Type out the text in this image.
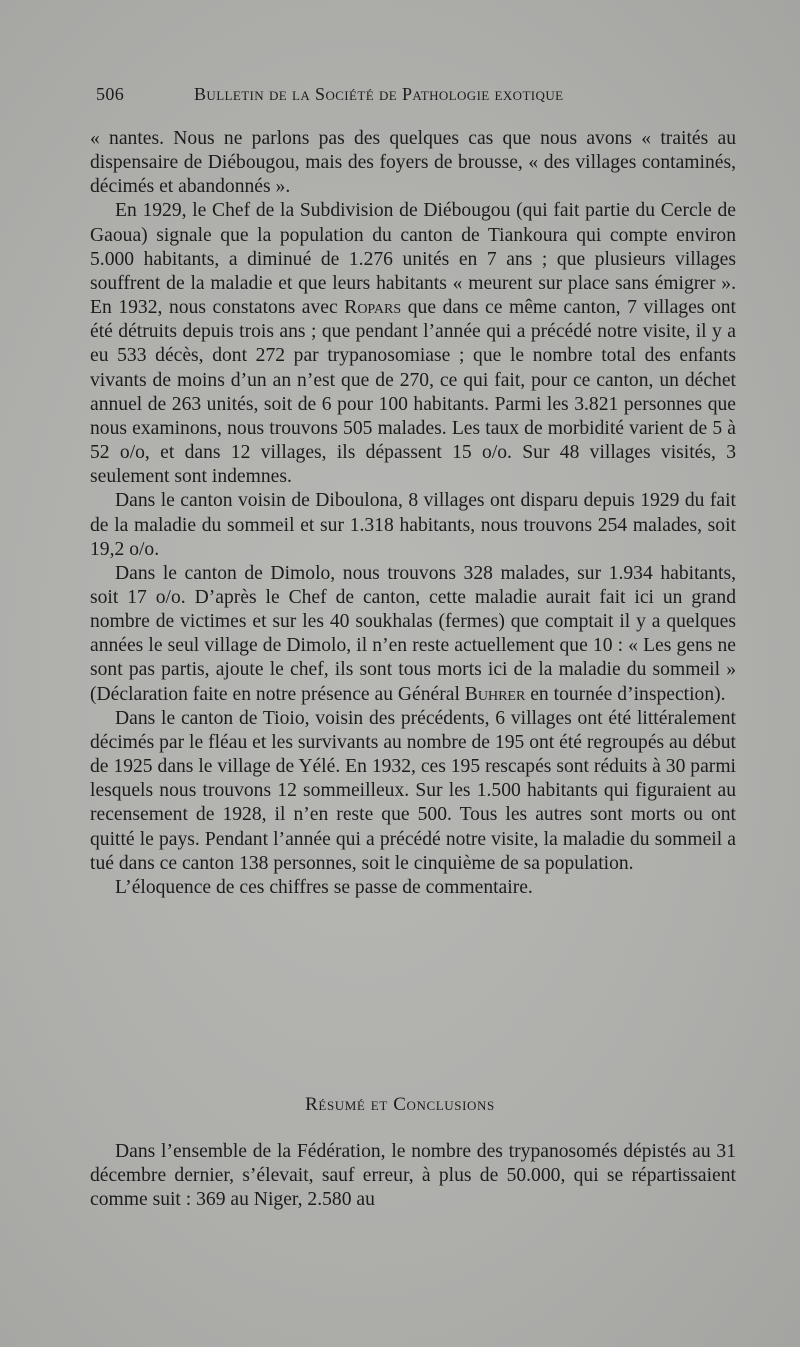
506	Bulletin de la Société de Pathologie exotique

« nantes. Nous ne parlons pas des quelques cas que nous avons « traités au dispensaire de Diébougou, mais des foyers de brousse, « des villages contaminés, décimés et abandonnés ».

En 1929, le Chef de la Subdivision de Diébougou (qui fait partie du Cercle de Gaoua) signale que la population du canton de Tiankoura qui compte environ 5.000 habitants, a diminué de 1.276 unités en 7 ans ; que plusieurs villages souffrent de la maladie et que leurs habitants « meurent sur place sans émigrer ». En 1932, nous constatons avec Ropars que dans ce même canton, 7 villages ont été détruits depuis trois ans ; que pendant l’année qui a précédé notre visite, il y a eu 533 décès, dont 272 par trypanosomiase ; que le nombre total des enfants vivants de moins d’un an n’est que de 270, ce qui fait, pour ce canton, un déchet annuel de 263 unités, soit de 6 pour 100 habitants. Parmi les 3.821 personnes que nous examinons, nous trouvons 505 malades. Les taux de morbidité varient de 5 à 52 o/o, et dans 12 villages, ils dépassent 15 o/o. Sur 48 villages visités, 3 seulement sont indemnes.

Dans le canton voisin de Diboulona, 8 villages ont disparu depuis 1929 du fait de la maladie du sommeil et sur 1.318 habitants, nous trouvons 254 malades, soit 19,2 o/o.

Dans le canton de Dimolo, nous trouvons 328 malades, sur 1.934 habitants, soit 17 o/o. D’après le Chef de canton, cette maladie aurait fait ici un grand nombre de victimes et sur les 40 soukhalas (fermes) que comptait il y a quelques années le seul village de Dimolo, il n’en reste actuellement que 10 : « Les gens ne sont pas partis, ajoute le chef, ils sont tous morts ici de la maladie du sommeil » (Déclaration faite en notre présence au Général Buhrer en tournée d’inspection).

Dans le canton de Tioio, voisin des précédents, 6 villages ont été littéralement décimés par le fléau et les survivants au nombre de 195 ont été regroupés au début de 1925 dans le village de Yélé. En 1932, ces 195 rescapés sont réduits à 30 parmi lesquels nous trouvons 12 sommeilleux. Sur les 1.500 habitants qui figuraient au recensement de 1928, il n’en reste que 500. Tous les autres sont morts ou ont quitté le pays. Pendant l’année qui a précédé notre visite, la maladie du sommeil a tué dans ce canton 138 personnes, soit le cinquième de sa population.

L’éloquence de ces chiffres se passe de commentaire.

Résumé et Conclusions

Dans l’ensemble de la Fédération, le nombre des trypanosomés dépistés au 31 décembre dernier, s’élevait, sauf erreur, à plus de 50.000, qui se répartissaient comme suit : 369 au Niger, 2.580 au
